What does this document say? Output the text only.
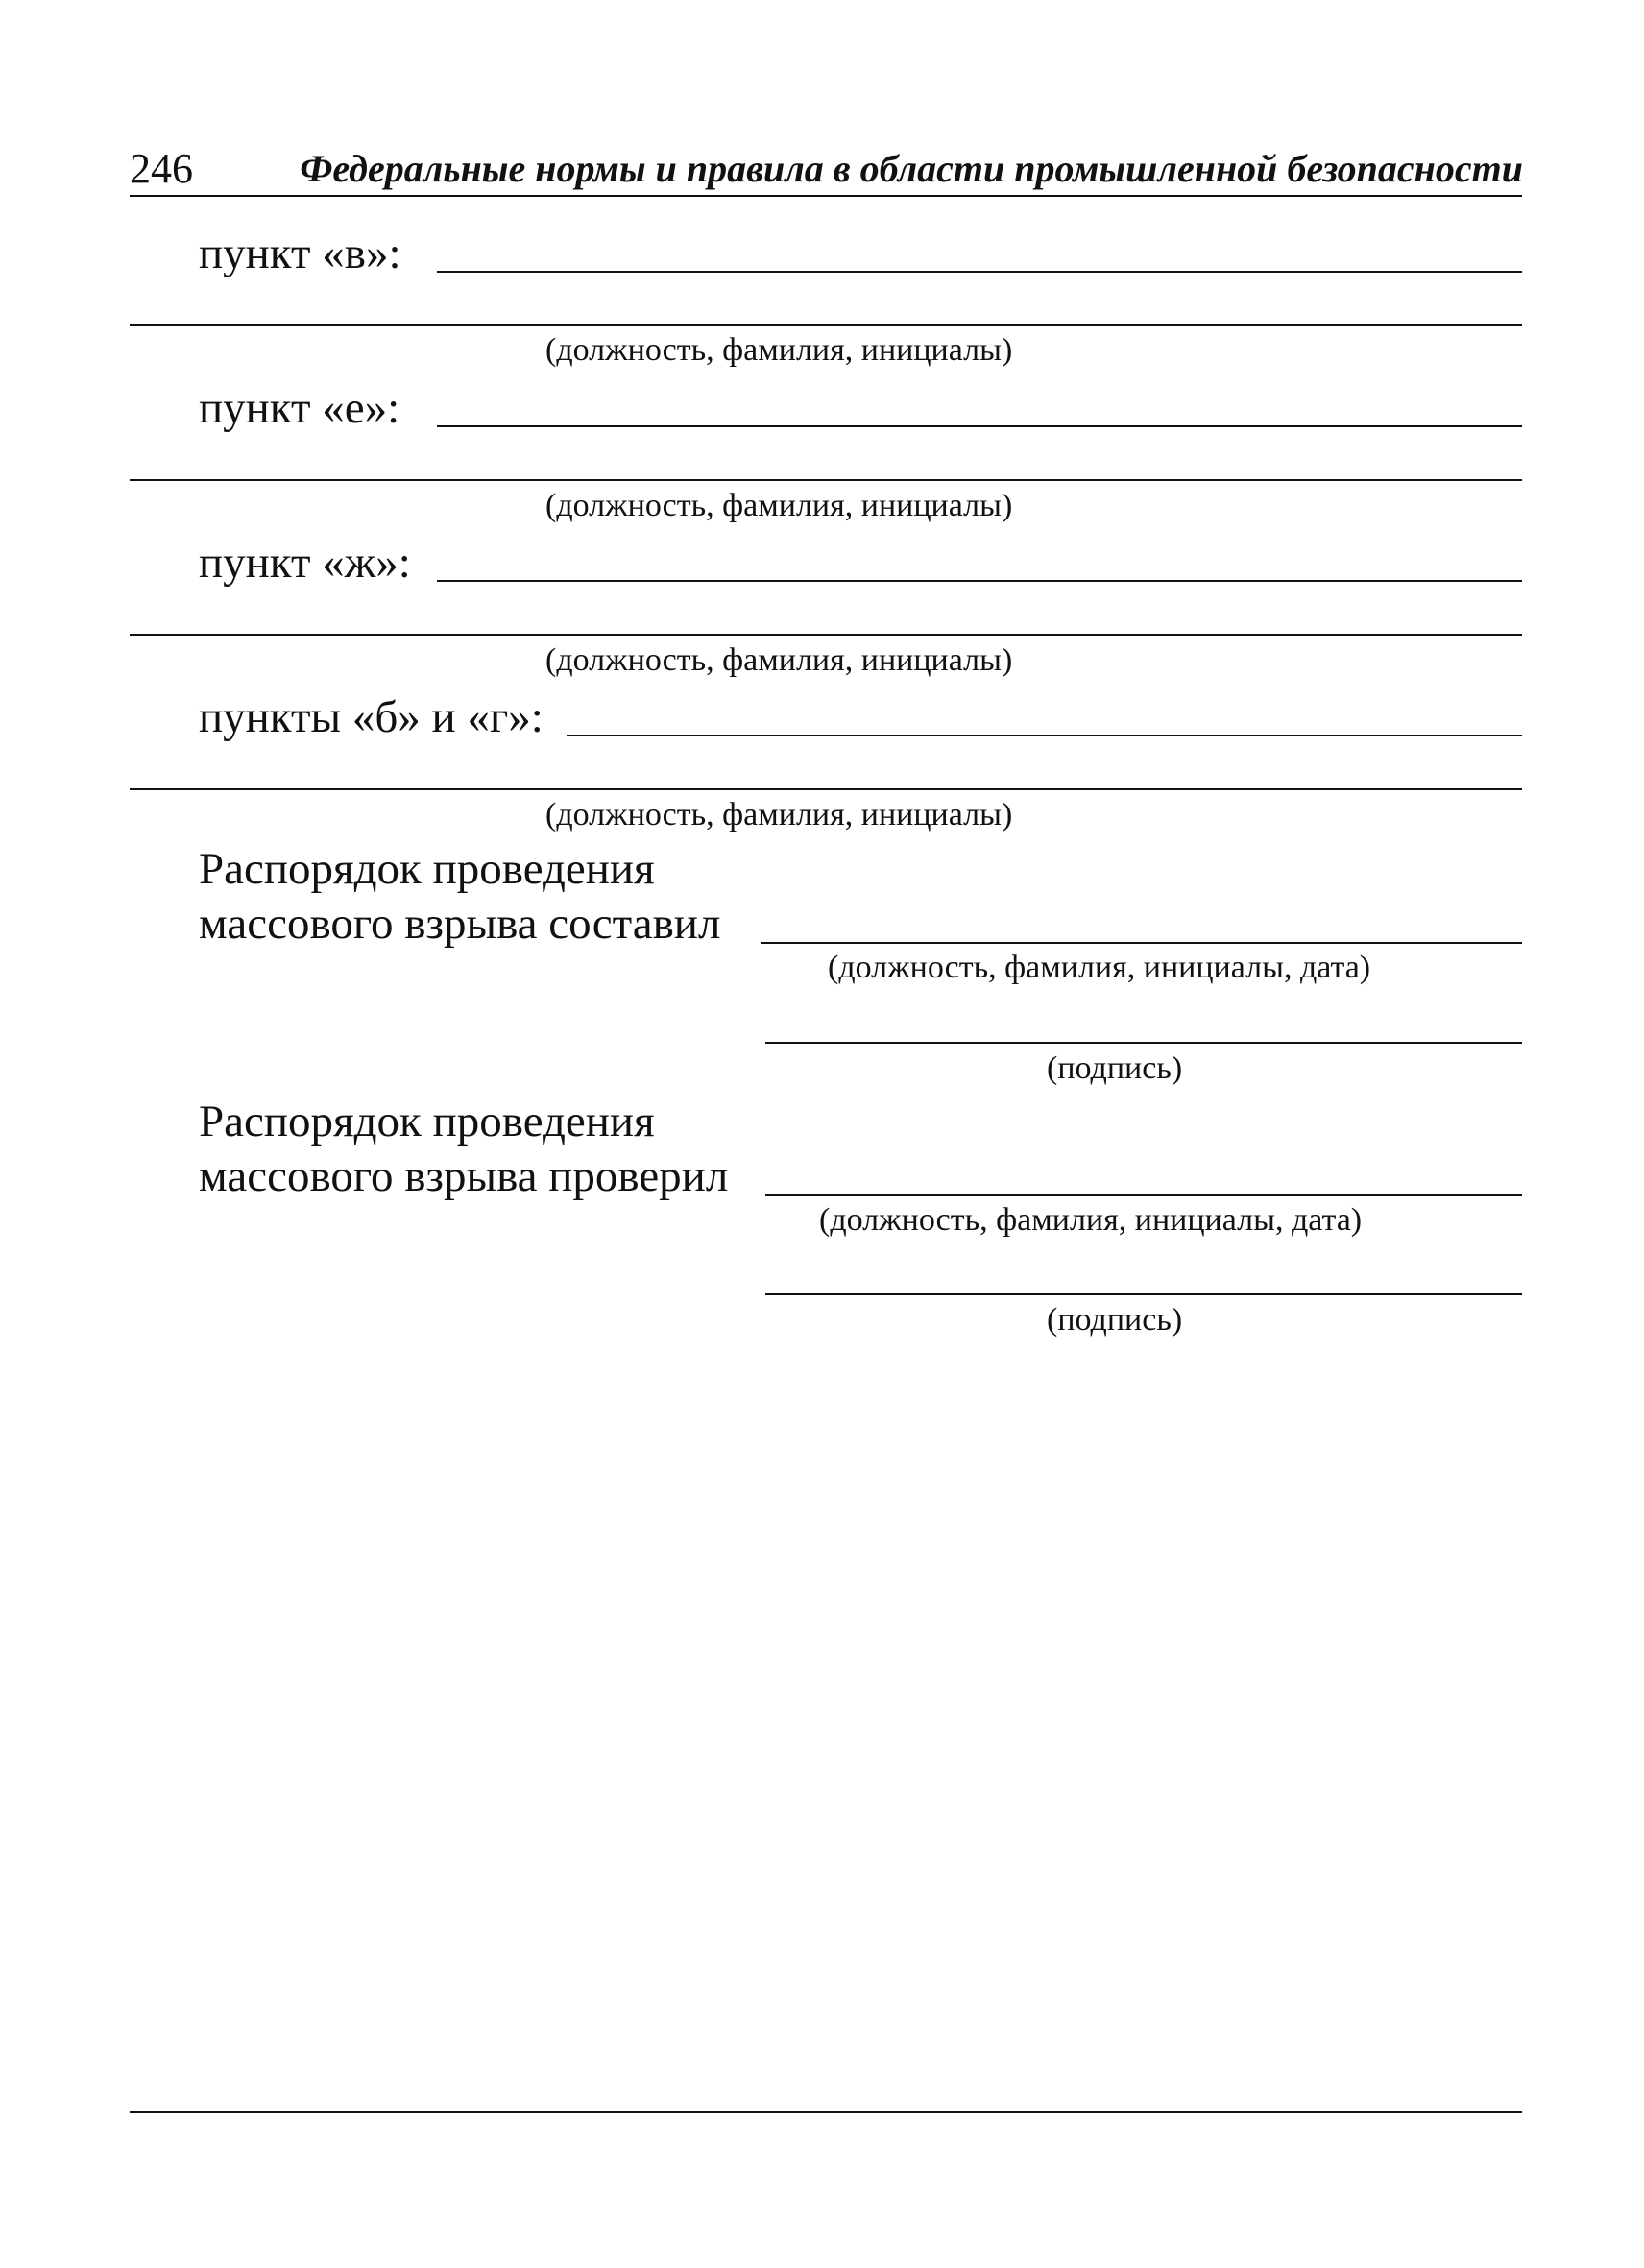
246	Федеральные нормы и правила в области промышленной безопасности
пункт «в»:
(должность, фамилия, инициалы)
пункт «е»:
(должность, фамилия, инициалы)
пункт «ж»:
(должность, фамилия, инициалы)
пункты «б» и «г»:
(должность, фамилия, инициалы)
Распорядок проведения
массового взрыва составил
(должность, фамилия, инициалы, дата)
(подпись)
Распорядок проведения
массового взрыва проверил
(должность, фамилия, инициалы, дата)
(подпись)
